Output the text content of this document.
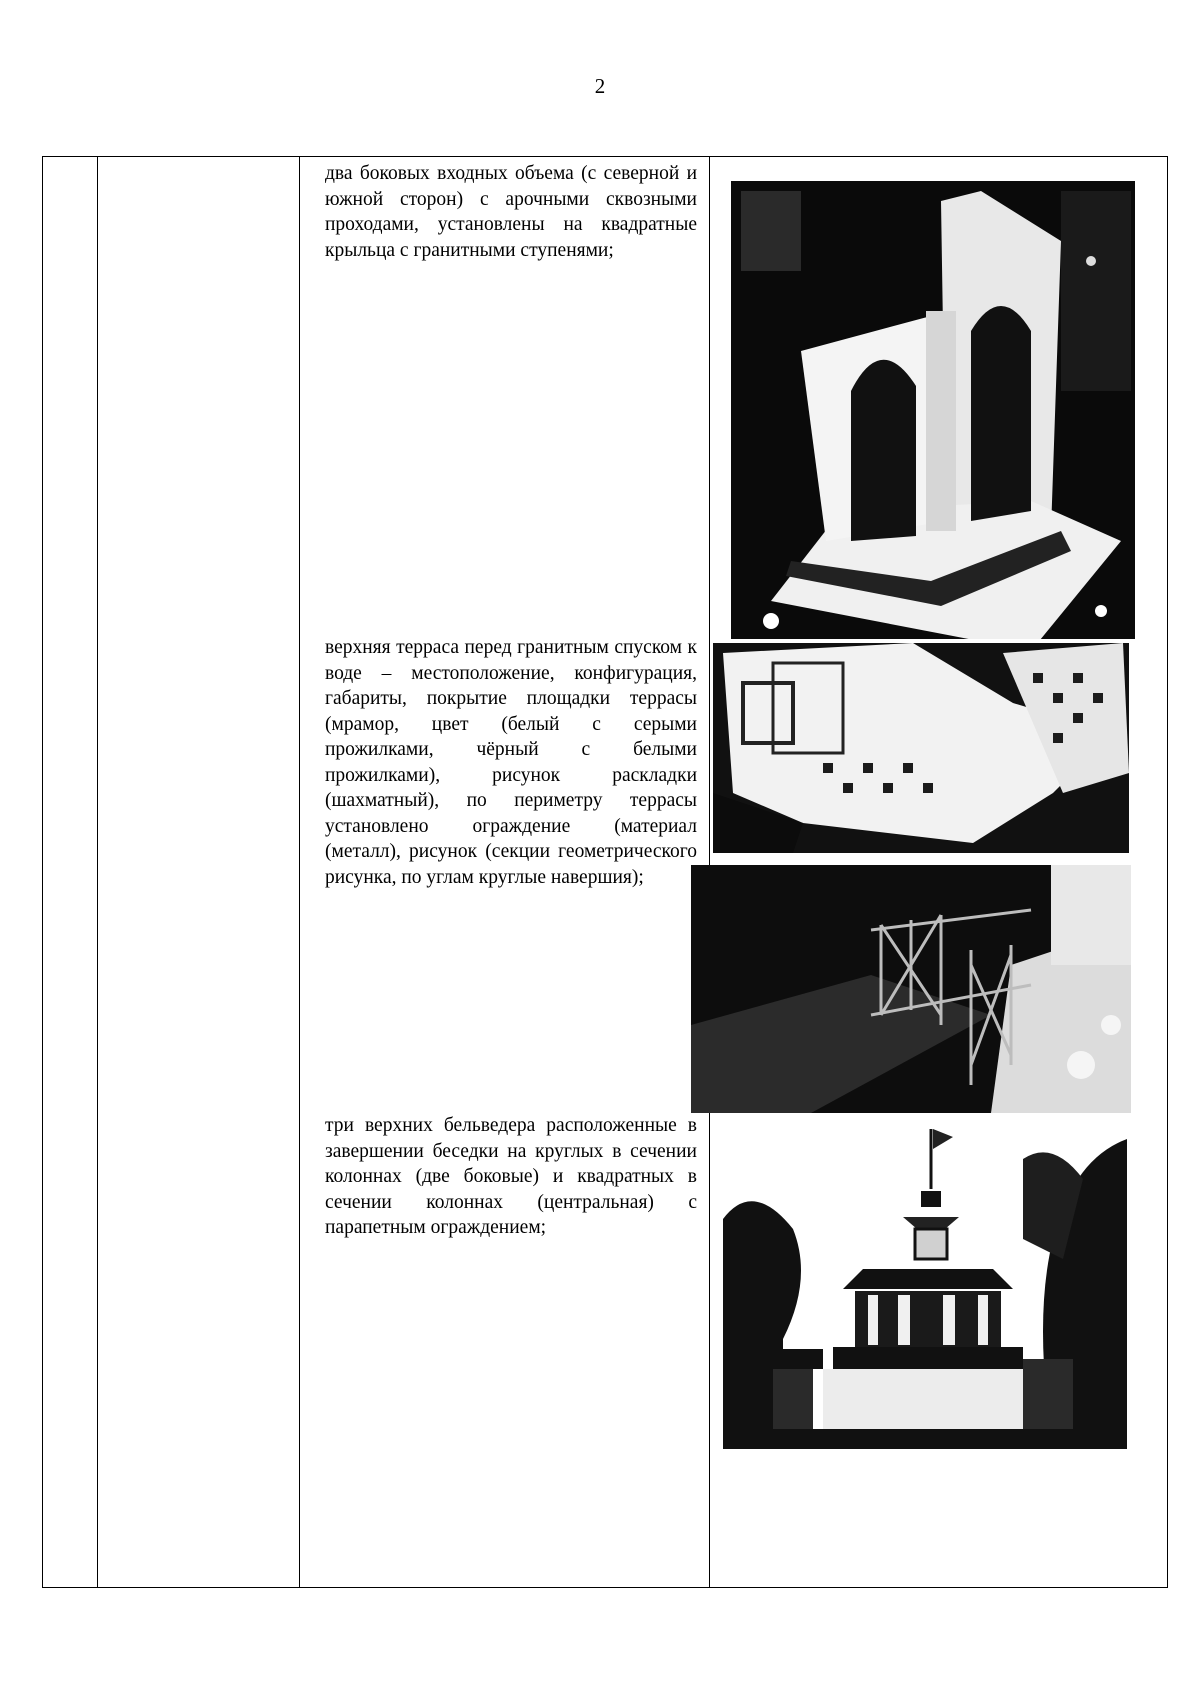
2

два боковых входных объема (с северной и южной сторон) с арочными сквозными проходами, установлены на квадратные крыльца с гранитными ступенями;

верхняя терраса перед гранитным спуском к воде – местоположение, конфигурация, габариты, покрытие площадки террасы (мрамор, цвет (белый с серыми прожилками, чёрный с белыми прожилками), рисунок раскладки (шахматный), по периметру террасы установлено ограждение (материал (металл), рисунок (секции геометрического рисунка, по углам круглые навершия);

три верхних бельведера расположенные в завершении беседки на круглых в сечении колоннах (две боковые) и квадратных в сечении колоннах (центральная) с парапетным ограждением;
